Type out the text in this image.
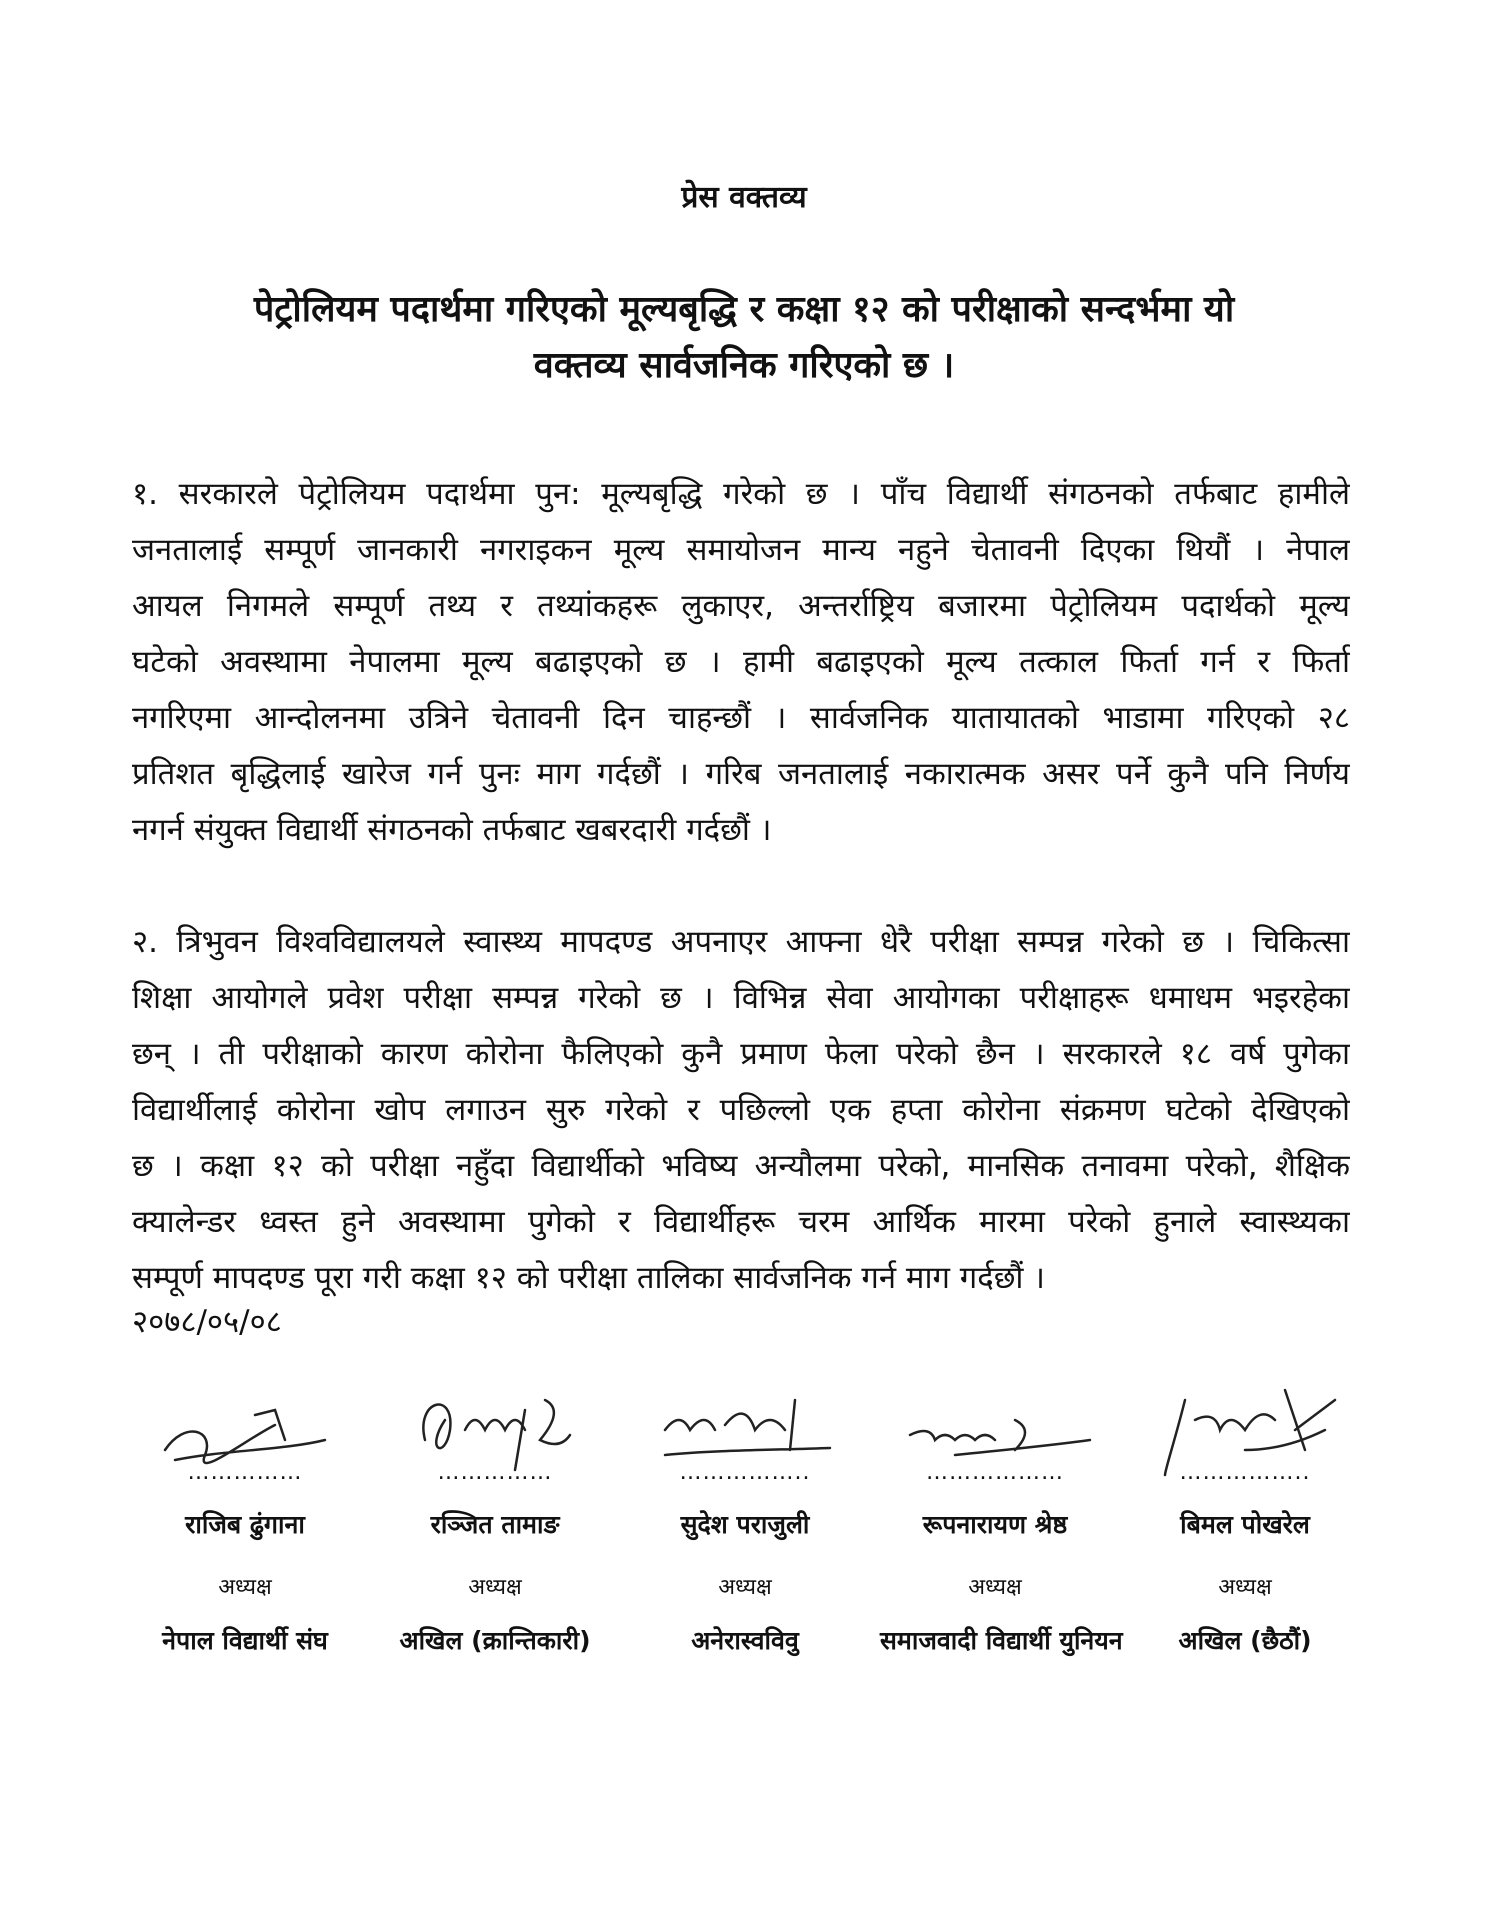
प्रेस वक्तव्य
पेट्रोलियम पदार्थमा गरिएको मूल्यबृद्धि र कक्षा १२ को परीक्षाको सन्दर्भमा यो
वक्तव्य सार्वजनिक गरिएको छ ।
१. सरकारले पेट्रोलियम पदार्थमा पुन: मूल्यबृद्धि गरेको छ । पाँच विद्यार्थी संगठनको तर्फबाट हामीले
जनतालाई सम्पूर्ण जानकारी नगराइकन मूल्य समायोजन मान्य नहुने चेतावनी दिएका थियौं । नेपाल
आयल निगमले सम्पूर्ण तथ्य र तथ्यांकहरू लुकाएर, अन्तर्राष्ट्रिय बजारमा पेट्रोलियम पदार्थको मूल्य
घटेको अवस्थामा नेपालमा मूल्य बढाइएको छ । हामी बढाइएको मूल्य तत्काल फिर्ता गर्न र फिर्ता
नगरिएमा आन्दोलनमा उत्रिने चेतावनी दिन चाहन्छौं । सार्वजनिक यातायातको भाडामा गरिएको २८
प्रतिशत बृद्धिलाई खारेज गर्न पुनः माग गर्दछौं । गरिब जनतालाई नकारात्मक असर पर्ने कुनै पनि निर्णय
नगर्न संयुक्त विद्यार्थी संगठनको तर्फबाट खबरदारी गर्दछौं ।
२. त्रिभुवन विश्वविद्यालयले स्वास्थ्य मापदण्ड अपनाएर आफ्ना धेरै परीक्षा सम्पन्न गरेको छ । चिकित्सा
शिक्षा आयोगले प्रवेश परीक्षा सम्पन्न गरेको छ । विभिन्न सेवा आयोगका परीक्षाहरू धमाधम भइरहेका
छन् । ती परीक्षाको कारण कोरोना फैलिएको कुनै प्रमाण फेला परेको छैन । सरकारले १८ वर्ष पुगेका
विद्यार्थीलाई कोरोना खोप लगाउन सुरु गरेको र पछिल्लो एक हप्ता कोरोना संक्रमण घटेको देखिएको
छ । कक्षा १२ को परीक्षा नहुँदा विद्यार्थीको भविष्य अन्यौलमा परेको, मानसिक तनावमा परेको, शैक्षिक
क्यालेन्डर ध्वस्त हुने अवस्थामा पुगेको र विद्यार्थीहरू चरम आर्थिक मारमा परेको हुनाले स्वास्थ्यका
सम्पूर्ण मापदण्ड पूरा गरी कक्षा १२ को परीक्षा तालिका सार्वजनिक गर्न माग गर्दछौं ।
२०७८/०५/०८
……………
राजिब ढुंगाना
अध्यक्ष
नेपाल विद्यार्थी संघ
……………
रञ्जित तामाङ
अध्यक्ष
अखिल (क्रान्तिकारी)
……………..
सुदेश पराजुली
अध्यक्ष
अनेरास्वविवु
………………
रूपनारायण श्रेष्ठ
अध्यक्ष
समाजवादी विद्यार्थी युनियन
……………..
बिमल पोखरेल
अध्यक्ष
अखिल (छैठौं)
